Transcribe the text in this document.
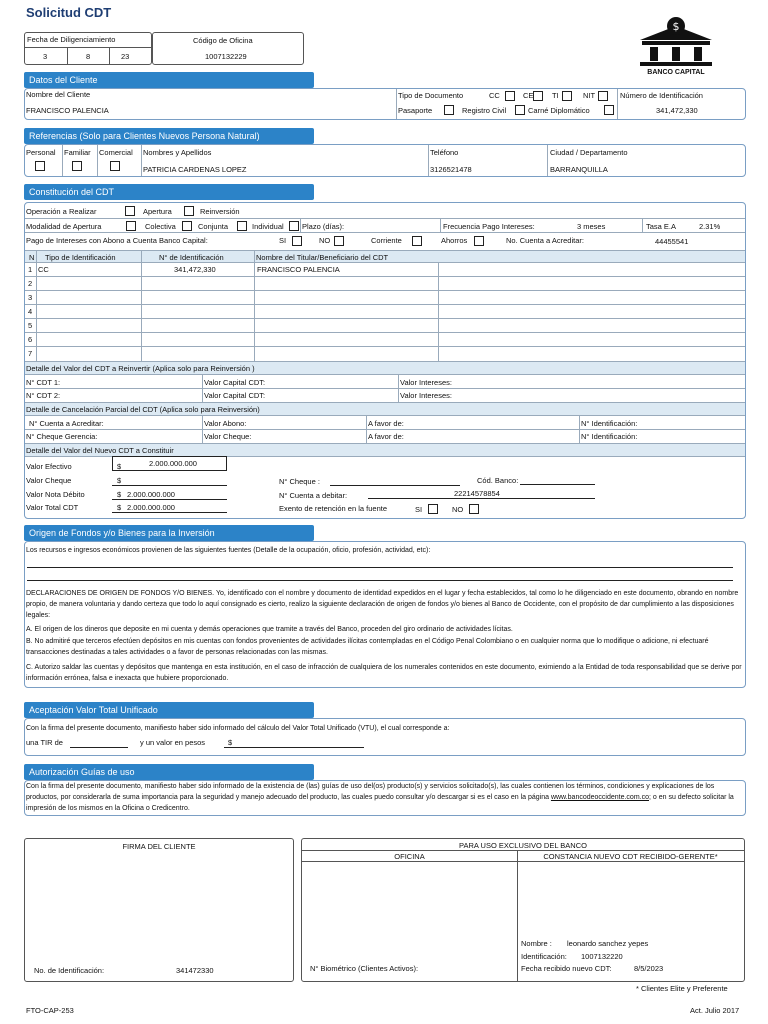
Solicitud CDT
Fecha de Diligenciamiento
3	8	23
Código de Oficina
1007132229
$
BANCO CAPITAL
Datos del Cliente
Nombre del Cliente
FRANCISCO PALENCIA
Tipo de Documento	CC	CE TI	NIT
Pasaporte	Registro Civil	Carné Diplomático
Número de Identificación
341,472,330
Referencias (Solo para Clientes Nuevos Persona Natural)
Personal Familiar Comercial Nombres y Apellidos
PATRICIA CARDENAS LOPEZ
Teléfono
3126521478
Ciudad / Departamento
BARRANQUILLA
Constitución del CDT
Operación a Realizar	Apertura	Reinversión
Modalidad de Apertura	Colectiva	Conjunta	Individual Plazo (días):	Frecuencia Pago Intereses:	3 meses	Tasa E.A	2.31%
Pago de Intereses con Abono a Cuenta Banco Capital:	SI	NO	Corriente	Ahorros	No. Cuenta a Acreditar:	44455541
N Tipo de Identificación	N° de Identificación	Nombre del Titular/Beneficiario del CDT
1 CC	341,472,330	FRANCISCO PALENCIA
2
3
4
5
6
7
Detalle del Valor del CDT a Reinvertir (Aplica solo para Reinversión )
N° CDT 1:	Valor Capital CDT:	Valor Intereses:
N° CDT 2:	Valor Capital CDT:	Valor Intereses:
Detalle de Cancelación Parcial del CDT (Aplica solo para Reinversión)
N° Cuenta a Acreditar:	Valor Abono:	A favor de:	N° Identificación:
N° Cheque Gerencia:	Valor Cheque:	A favor de:	N° Identificación:
Detalle del Valor del Nuevo CDT a Constituir
Valor Efectivo	$	2.000.000.000
Valor Cheque	$
Valor Nota Débito	$ 2.000.000.000
Valor Total CDT	$ 2.000.000.000
N° Cheque :	Cód. Banco:
N° Cuenta a debitar:	22214578854
Exento de retención en la fuente	SI	NO
Origen de Fondos y/o Bienes para la Inversión
Los recursos e ingresos económicos provienen de las siguientes fuentes (Detalle de la ocupación, oficio, profesión, actividad, etc):
DECLARACIONES DE ORIGEN DE FONDOS Y/O BIENES. Yo, identificado con el nombre y documento de identidad expedidos en el lugar y fecha establecidos, tal como lo he diligenciado en este documento, obrando en nombre propio, de manera voluntaria y dando certeza que todo lo aquí consignado es cierto, realizo la siguiente declaración de origen de fondos y/o bienes al Banco de Occidente, con el propósito de dar cumplimiento a las disposiciones legales:
A. El origen de los dineros que deposite en mi cuenta y demás operaciones que tramite a través del Banco, proceden del giro ordinario de actividades lícitas.
B. No admitiré que terceros efectúen depósitos en mis cuentas con fondos provenientes de actividades ilícitas contempladas en el Código Penal Colombiano o en cualquier norma que lo modifique o adicione, ni efectuaré transacciones destinadas a tales actividades o a favor de personas relacionadas con las mismas.
C. Autorizo saldar las cuentas y depósitos que mantenga en esta institución, en el caso de infracción de cualquiera de los numerales contenidos en este documento, eximiendo a la Entidad de toda responsabilidad que se derive por información errónea, falsa e inexacta que hubiere proporcionado.
Aceptación Valor Total Unificado
Con la firma del presente documento, manifiesto haber sido informado del cálculo del Valor Total Unificado (VTU), el cual corresponde a:
una TIR de	y un valor en pesos	$
Autorización Guías de uso
Con la firma del presente documento, manifiesto haber sido informado de la existencia de (las) guías de uso del(os) producto(s) y servicios solicitado(s), las cuales contienen los términos, condiciones y explicaciones de los productos, por considerarla de suma importancia para la seguridad y manejo adecuado del producto, las cuales puedo consultar y/o descargar si es el caso en la página www.bancodeoccidente.com.co; o en su defecto solicitar la impresión de los mismos en la Oficina o Credicentro.
FIRMA DEL CLIENTE
No. de Identificación:	341472330
PARA USO EXCLUSIVO DEL BANCO
OFICINA	CONSTANCIA NUEVO CDT RECIBIDO-GERENTE*
N° Biométrico (Clientes Activos):
Nombre : leonardo sanchez yepes
Identificación: 1007132220
Fecha recibido nuevo CDT:	8/5/2023
* Clientes Elite y Preferente
FTO-CAP-253	Act. Julio 2017
